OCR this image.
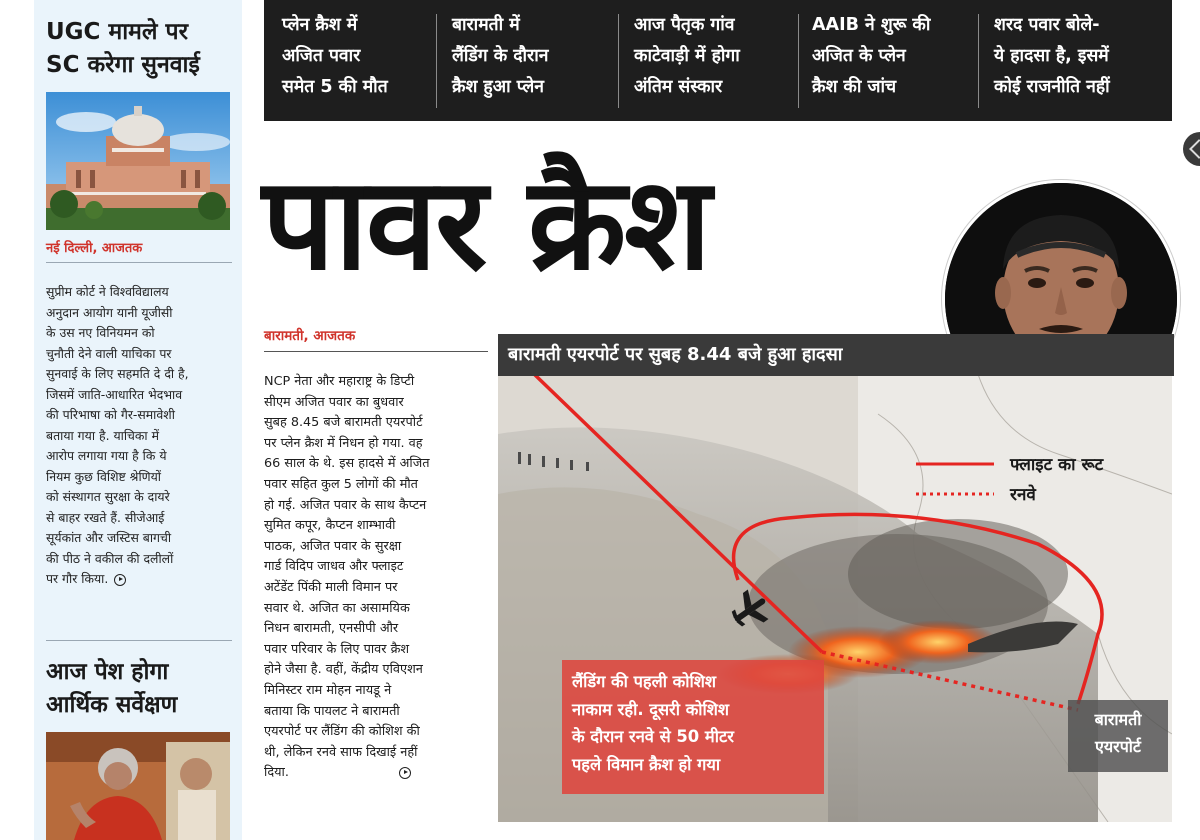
UGC मामले पर
SC करेगा सुनवाई
नई दिल्ली, आजतक
सुप्रीम कोर्ट ने विश्वविद्यालय
अनुदान आयोग यानी यूजीसी
के उस नए विनियमन को
चुनौती देने वाली याचिका पर
सुनवाई के लिए सहमति दे दी है,
जिसमें जाति-आधारित भेदभाव
की परिभाषा को गैर-समावेशी
बताया गया है. याचिका में
आरोप लगाया गया है कि ये
नियम कुछ विशिष्ट श्रेणियों
को संस्थागत सुरक्षा के दायरे
से बाहर रखते हैं. सीजेआई
सूर्यकांत और जस्टिस बागची
की पीठ ने वकील की दलीलों
पर गौर किया.
आज पेश होगा
आर्थिक सर्वेक्षण
प्लेन क्रैश में
अजित पवार
समेत 5 की मौत
बारामती में
लैंडिंग के दौरान
क्रैश हुआ प्लेन
आज पैतृक गांव
काटेवाड़ी में होगा
अंतिम संस्कार
AAIB ने शुरू की
अजित के प्लेन
क्रैश की जांच
शरद पवार बोले-
ये हादसा है, इसमें
कोई राजनीति नहीं
पावर क्रैश
बारामती, आजतक
NCP नेता और महाराष्ट्र के डिप्टी
सीएम अजित पवार का बुधवार
सुबह 8.45 बजे बारामती एयरपोर्ट
पर प्लेन क्रैश में निधन हो गया. वह
66 साल के थे. इस हादसे में अजित
पवार सहित कुल 5 लोगों की मौत
हो गई. अजित पवार के साथ कैप्टन
सुमित कपूर, कैप्टन शाम्भावी
पाठक, अजित पवार के सुरक्षा
गार्ड विदिप जाधव और फ्लाइट
अटेंडेंट पिंकी माली विमान पर
सवार थे. अजित का असामयिक
निधन बारामती, एनसीपी और
पवार परिवार के लिए पावर क्रैश
होने जैसा है. वहीं, केंद्रीय एविएशन
मिनिस्टर राम मोहन नायडू ने
बताया कि पायलट ने बारामती
एयरपोर्ट पर लैंडिंग की कोशिश की
थी, लेकिन रनवे साफ दिखाई नहीं
दिया.
बारामती एयरपोर्ट पर सुबह 8.44 बजे हुआ हादसा
फ्लाइट का रूट
रनवे
लैंडिंग की पहली कोशिश
नाकाम रही. दूसरी कोशिश
के दौरान रनवे से 50 मीटर
पहले विमान क्रैश हो गया
बारामती
एयरपोर्ट
